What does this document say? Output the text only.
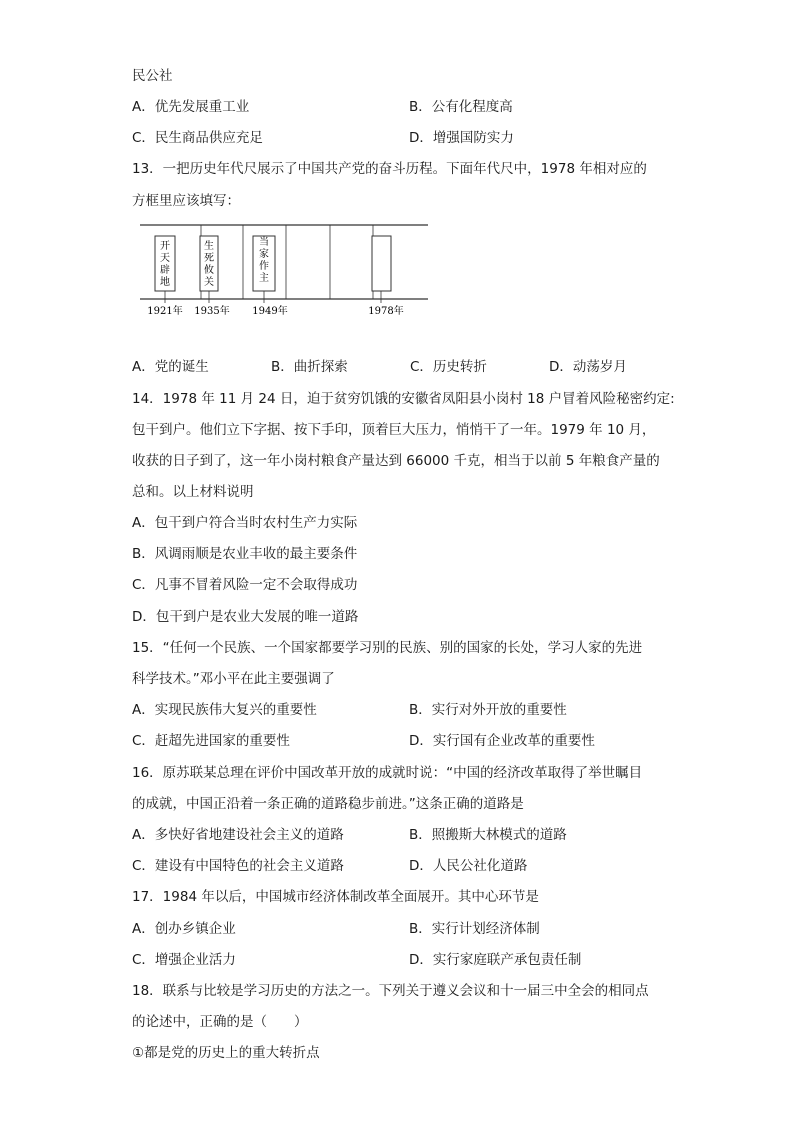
民公社
A．优先发展重工业	B．公有化程度高
C．民生商品供应充足	D．增强国防实力
13．一把历史年代尺展示了中国共产党的奋斗历程。下面年代尺中，1978 年相对应的
方框里应该填写：
开
天
辟
地
生
死
攸
关
当
家
作
主
1921年 1935年 1949年	1978年
A．党的诞生	B．曲折探索	C．历史转折	D．动荡岁月
14．1978 年 11 月 24 日，迫于贫穷饥饿的安徽省凤阳县小岗村 18 户冒着风险秘密约定:
包干到户。他们立下字据、按下手印，顶着巨大压力，悄悄干了一年。1979 年 10 月，
收获的日子到了，这一年小岗村粮食产量达到 66000 千克，相当于以前 5 年粮食产量的
总和。以上材料说明
A．包干到户符合当时农村生产力实际
B．风调雨顺是农业丰收的最主要条件
C．凡事不冒着风险一定不会取得成功
D．包干到户是农业大发展的唯一道路
15．“任何一个民族、一个国家都要学习别的民族、别的国家的长处，学习人家的先进
科学技术。”邓小平在此主要强调了
A．实现民族伟大复兴的重要性	B．实行对外开放的重要性
C．赶超先进国家的重要性	D．实行国有企业改革的重要性
16．原苏联某总理在评价中国改革开放的成就时说：“中国的经济改革取得了举世瞩目
的成就，中国正沿着一条正确的道路稳步前进。”这条正确的道路是
A．多快好省地建设社会主义的道路	B．照搬斯大林模式的道路
C．建设有中国特色的社会主义道路	D．人民公社化道路
17．1984 年以后，中国城市经济体制改革全面展开。其中心环节是
A．创办乡镇企业	B．实行计划经济体制
C．增强企业活力	D．实行家庭联产承包责任制
18．联系与比较是学习历史的方法之一。下列关于遵义会议和十一届三中全会的相同点
的论述中，正确的是（　　）
①都是党的历史上的重大转折点
